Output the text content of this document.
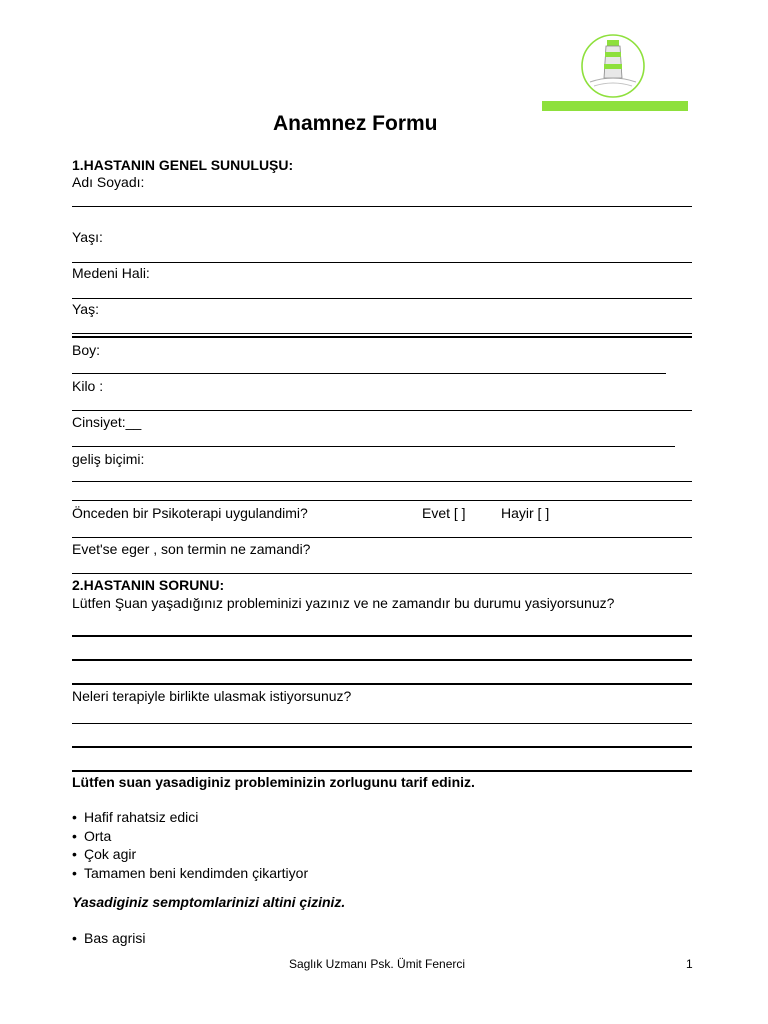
Anamnez Formu
1.HASTANIN GENEL SUNULUŞU:
Adı Soyadı:
Yaşı:
Medeni Hali:
Yaş:
Boy:
Kilo :
Cinsiyet:__
geliş biçimi:
Önceden bir Psikoterapi uygulandimi?	Evet [ ]	Hayir [ ]
Evet'se eger , son termin ne zamandi?
2.HASTANIN SORUNU:
Lütfen Şuan yaşadığınız probleminizi yazınız ve ne zamandır bu durumu yasiyorsunuz?
Neleri terapiyle birlikte ulasmak istiyorsunuz?
Lütfen suan yasadiginiz probleminizin zorlugunu tarif ediniz.
• Hafif rahatsiz edici
• Orta
• Çok agir
• Tamamen beni kendimden çikartiyor
Yasadiginiz semptomlarinizi altini çiziniz.
• Bas agrisi
Saglık Uzmanı Psk. Ümit Fenerci	1
